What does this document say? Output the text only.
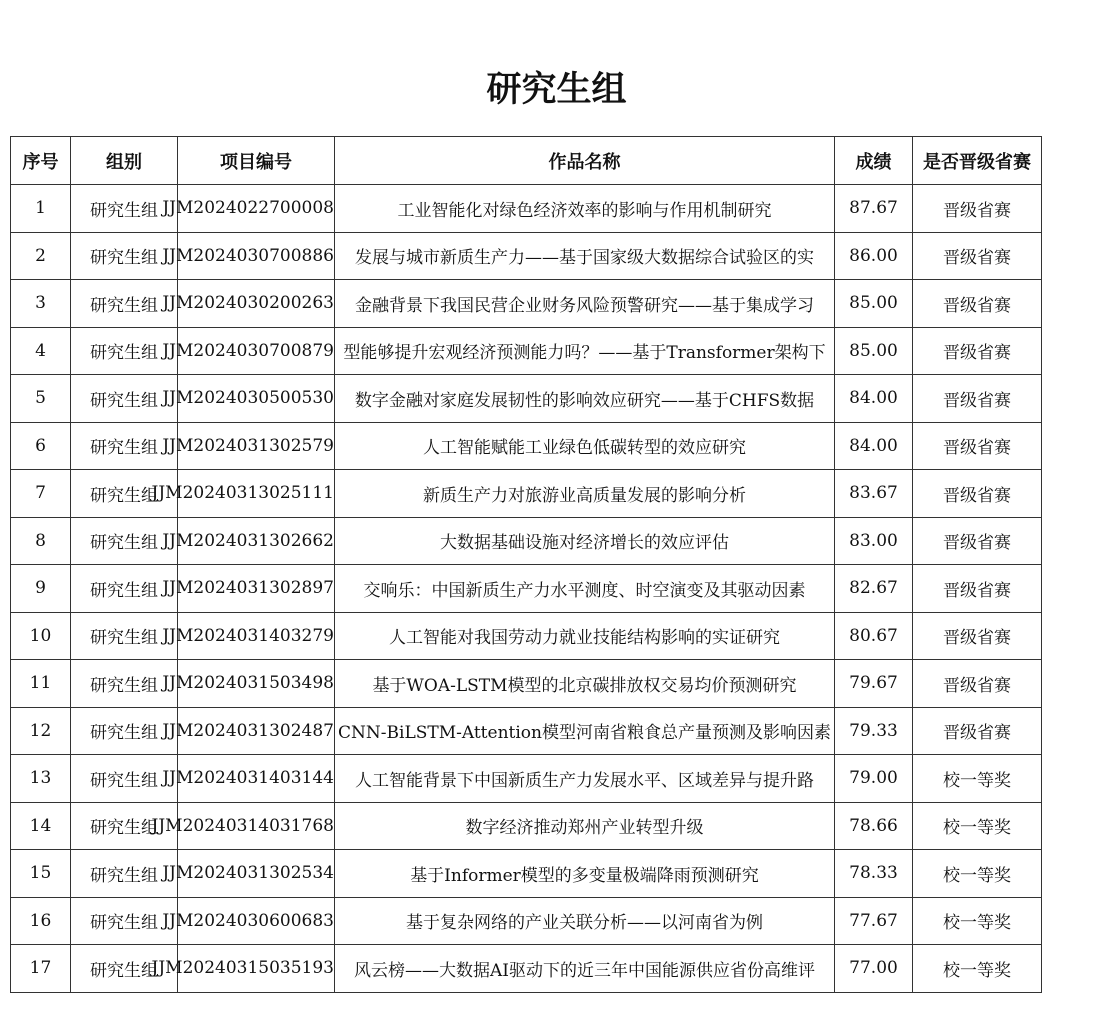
研究生组
序号	组别	项目编号	作品名称	成绩	是否晋级省赛
1	研究生组	JJM2024022700008	工业智能化对绿色经济效率的影响与作用机制研究	87.67	晋级省赛
2	研究生组	JJM2024030700886	发展与城市新质生产力——基于国家级大数据综合试验区的实	86.00	晋级省赛
3	研究生组	JJM2024030200263	金融背景下我国民营企业财务风险预警研究——基于集成学习	85.00	晋级省赛
4	研究生组	JJM2024030700879	型能够提升宏观经济预测能力吗？——基于Transformer架构下	85.00	晋级省赛
5	研究生组	JJM2024030500530	数字金融对家庭发展韧性的影响效应研究——基于CHFS数据	84.00	晋级省赛
6	研究生组	JJM2024031302579	人工智能赋能工业绿色低碳转型的效应研究	84.00	晋级省赛
7	研究生组	JJM20240313025111	新质生产力对旅游业高质量发展的影响分析	83.67	晋级省赛
8	研究生组	JJM2024031302662	大数据基础设施对经济增长的效应评估	83.00	晋级省赛
9	研究生组	JJM2024031302897	交响乐：中国新质生产力水平测度、时空演变及其驱动因素	82.67	晋级省赛
10	研究生组	JJM2024031403279	人工智能对我国劳动力就业技能结构影响的实证研究	80.67	晋级省赛
11	研究生组	JJM2024031503498	基于WOA-LSTM模型的北京碳排放权交易均价预测研究	79.67	晋级省赛
12	研究生组	JJM2024031302487	CNN-BiLSTM-Attention模型河南省粮食总产量预测及影响因素	79.33	晋级省赛
13	研究生组	JJM2024031403144	人工智能背景下中国新质生产力发展水平、区域差异与提升路	79.00	校一等奖
14	研究生组	JJM20240314031768	数字经济推动郑州产业转型升级	78.66	校一等奖
15	研究生组	JJM2024031302534	基于Informer模型的多变量极端降雨预测研究	78.33	校一等奖
16	研究生组	JJM2024030600683	基于复杂网络的产业关联分析——以河南省为例	77.67	校一等奖
17	研究生组	JJM20240315035193	风云榜——大数据AI驱动下的近三年中国能源供应省份高维评	77.00	校一等奖
